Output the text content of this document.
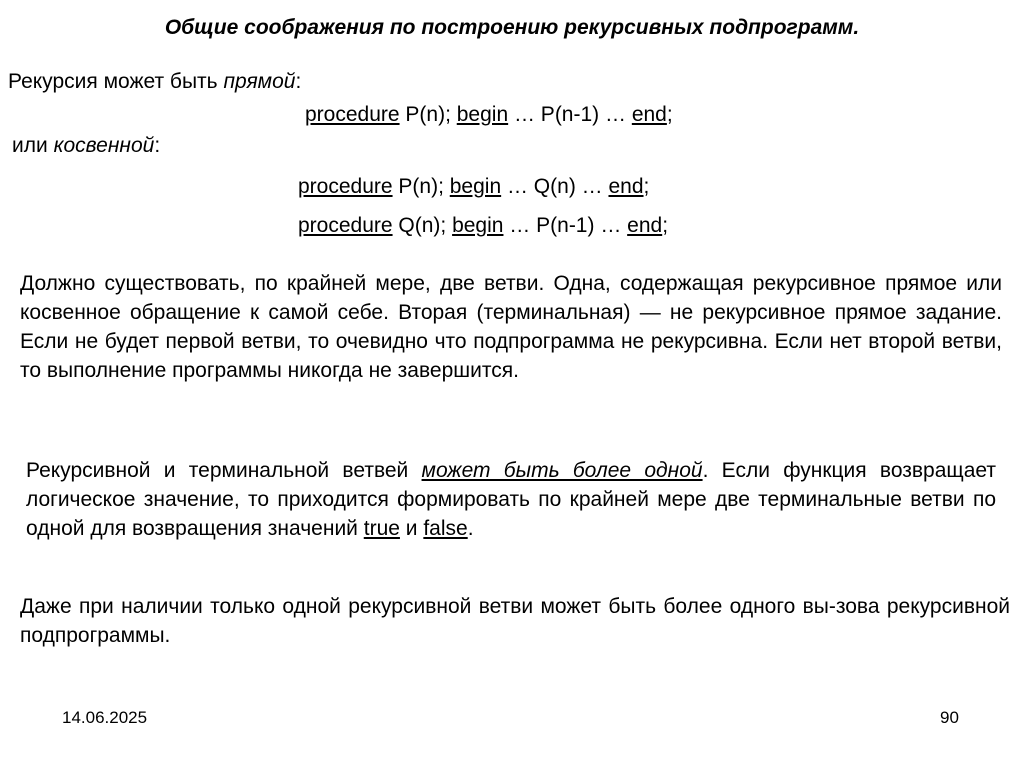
Общие соображения по построению рекурсивных подпрограмм.
Рекурсия может быть прямой:
procedure P(n); begin … P(n-1) … end;
или косвенной:
procedure P(n); begin … Q(n) … end;
procedure Q(n); begin … P(n-1) … end;
Должно существовать, по крайней мере, две ветви. Одна, содержащая рекурсивное прямое или косвенное обращение к самой себе. Вторая (терминальная) — не рекурсивное прямое задание. Если не будет первой ветви, то очевидно что подпрограмма не рекурсивна. Если нет второй ветви, то выполнение программы никогда не завершится.
Рекурсивной и терминальной ветвей может быть более одной. Если функция возвращает логическое значение, то приходится формировать по крайней мере две терминальные ветви по одной для возвращения значений true и false.
Даже при наличии только одной рекурсивной ветви может быть более одного вы-зова рекурсивной подпрограммы.
14.06.2025	90
